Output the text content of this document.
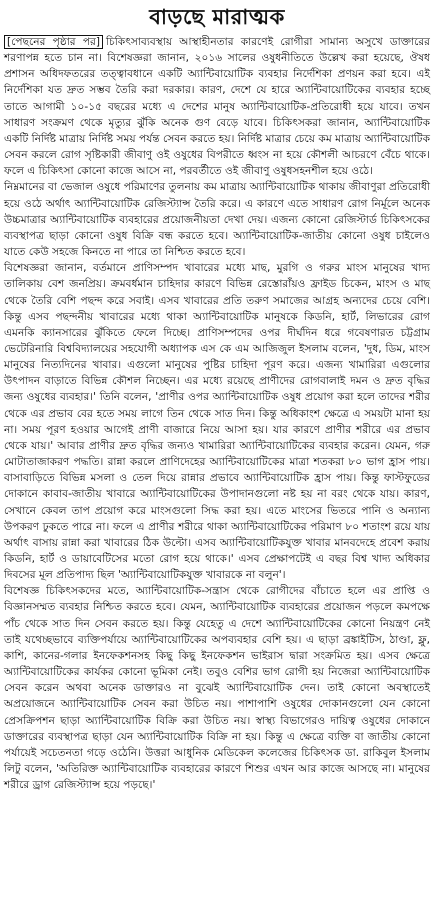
বাড়ছে মারাত্মক
[পেছনের পৃষ্ঠার পর] চিকিৎসাব্যবস্থায় আস্থাহীনতার কারণেই রোগীরা সামান্য অসুখে ডাক্তারের শরণাপন্ন হতে চান না। বিশেষজ্ঞরা জানান, ২০১৬ সালের ওষুধনীতিতে উল্লেখ করা হয়েছে, ঔষধ প্রশাসন অধিদফতরের তত্ত্বাবধানে একটি অ্যান্টিবায়োটিক ব্যবহার নির্দেশিকা প্রণয়ন করা হবে। এই নির্দেশিকা যত দ্রুত সম্ভব তৈরি করা দরকার। কারণ, দেশে যে হারে অ্যান্টিবায়োটিকের ব্যবহার হচ্ছে তাতে আগামী ১০-১৫ বছরের মধ্যে এ দেশের মানুষ অ্যান্টিবায়োটিক-প্রতিরোধী হয়ে যাবে। তখন সাধারণ সংক্রমণ থেকে মৃত্যুর ঝুঁকি অনেক গুণ বেড়ে যাবে। চিকিৎসকরা জানান, অ্যান্টিবায়োটিক একটি নির্দিষ্ট মাত্রায় নির্দিষ্ট সময় পর্যন্ত সেবন করতে হয়। নির্দিষ্ট মাত্রার চেয়ে কম মাত্রায় অ্যান্টিবায়োটিক সেবন করলে রোগ সৃষ্টিকারী জীবাণু ওই ওষুধের বিপরীতে ধ্বংস না হয়ে কৌশলী আচরণে বেঁচে থাকে। ফলে এ চিকিৎসা কোনো কাজে আসে না, পরবর্তীতে ওই জীবাণু ওষুধসহনশীল হয়ে ওঠে।
নিম্নমানের বা ভেজাল ওষুধে পরিমাণের তুলনায় কম মাত্রায় অ্যান্টিবায়োটিক থাকায় জীবাণুরা প্রতিরোধী হয়ে ওঠে অর্থাৎ অ্যান্টিবায়োটিক রেজিস্ট্যান্স তৈরি করে। এ কারণে এতে সাধারণ রোগ নির্মূলে অনেক উচ্চমাত্রার অ্যান্টিবায়োটিক ব্যবহারের প্রয়োজনীয়তা দেখা দেয়। এজন্য কোনো রেজিস্টার্ড চিকিৎসকের ব্যবস্থাপত্র ছাড়া কোনো ওষুধ বিক্রি বন্ধ করতে হবে। অ্যান্টিবায়োটিক-জাতীয় কোনো ওষুধ চাইলেও যাতে কেউ সহজে কিনতে না পারে তা নিশ্চিত করতে হবে।
বিশেষজ্ঞরা জানান, বর্তমানে প্রাণিসম্পদ খাবারের মধ্যে মাছ, মুরগি ও গরুর মাংস মানুষের খাদ্য তালিকায় বেশ জনপ্রিয়। ক্রমবর্ধমান চাহিদার কারণে বিভিন্ন রেস্তোরাঁয়ও ফ্রাইড চিকেন, মাংস ও মাছ থেকে তৈরি বেশি পছন্দ করে সবাই। এসব খাবারের প্রতি তরুণ সমাজের আগ্রহ অন্যদের চেয়ে বেশি। কিন্তু এসব পছন্দনীয় খাবারের মধ্যে থাকা অ্যান্টিবায়োটিক মানুষকে কিডনি, হার্ট, লিভারের রোগ এমনকি ক্যানসারের ঝুঁকিতে ফেলে দিচ্ছে। প্রাণিসম্পদের ওপর দীর্ঘদিন ধরে গবেষণারত চট্টগ্রাম ভেটেরিনারি বিশ্ববিদ্যালয়ের সহযোগী অধ্যাপক এস কে এম আজিজুল ইসলাম বলেন, 'দুধ, ডিম, মাংস মানুষের নিত্যদিনের খাবার। এগুলো মানুষের পুষ্টির চাহিদা পূরণ করে। এজন্য খামারিরা এগুলোর উৎপাদন বাড়াতে বিভিন্ন কৌশল নিচ্ছেন। এর মধ্যে রয়েছে প্রাণীদের রোগবালাই দমন ও দ্রুত বৃদ্ধির জন্য ওষুধের ব্যবহার।' তিনি বলেন, 'প্রাণীর ওপর অ্যান্টিবায়োটিক ওষুধ প্রয়োগ করা হলে তাদের শরীর থেকে এর প্রভাব বের হতে সময় লাগে তিন থেকে সাত দিন। কিন্তু অধিকাংশ ক্ষেত্রে এ সময়টা মানা হয় না। সময় পূরণ হওয়ার আগেই প্রাণী বাজারে নিয়ে আসা হয়। যার কারণে প্রাণীর শরীরে এর প্রভাব থেকে যায়।' আবার প্রাণীর দ্রুত বৃদ্ধির জন্যও খামারিরা অ্যান্টিবায়োটিকের ব্যবহার করেন। যেমন, গরু মোটাতাজাকরণ পদ্ধতি। রান্না করলে প্রাণিদেহের অ্যান্টিবায়োটিকের মাত্রা শতকরা ৮০ ভাগ হ্রাস পায়। বাসাবাড়িতে বিভিন্ন মসলা ও তেল দিয়ে রান্নার প্রভাবে অ্যান্টিবায়োটিক হ্রাস পায়। কিন্তু ফাস্টফুডের দোকানে কাবাব-জাতীয় খাবারে অ্যান্টিবায়োটিকের উপাদানগুলো নষ্ট হয় না বরং থেকে যায়। কারণ, সেখানে কেবল তাপ প্রয়োগ করে মাংসগুলো সিদ্ধ করা হয়। এতে মাংসের ভিতরে পানি ও অন্যান্য উপকরণ ঢুকতে পারে না। ফলে এ প্রাণীর শরীরে থাকা অ্যান্টিবায়োটিকের পরিমাণ ৮০ শতাংশ রয়ে যায় অর্থাৎ বাসায় রান্না করা খাবারের ঠিক উল্টো। এসব অ্যান্টিবায়োটিকযুক্ত খাবার মানবদেহে প্রবেশ করায় কিডনি, হার্ট ও ডায়াবেটিসের মতো রোগ হয়ে থাকে।' এসব প্রেক্ষাপটেই এ বছর বিশ্ব খাদ্য অধিকার দিবসের মূল প্রতিপাদ্য ছিল 'অ্যান্টিবায়োটিকযুক্ত খাবারকে না বলুন'।
বিশেষজ্ঞ চিকিৎসকদের মতে, অ্যান্টিবায়োটিক-সন্ত্রাস থেকে রোগীদের বাঁচাতে হলে এর প্রাপ্তি ও বিজ্ঞানসম্মত ব্যবহার নিশ্চিত করতে হবে। যেমন, অ্যান্টিবায়োটিক ব্যবহারের প্রয়োজন পড়লে কমপক্ষে পাঁচ থেকে সাত দিন সেবন করতে হয়। কিন্তু যেহেতু এ দেশে অ্যান্টিবায়োটিকের কোনো নিয়ন্ত্রণ নেই তাই যথেচ্ছভাবে ব্যক্তিপর্যায়ে অ্যান্টিবায়োটিকের অপব্যবহার বেশি হয়। এ ছাড়া ব্রঙ্কাইটিস, ঠাণ্ডা, ফ্লু, কাশি, কানের-গলার ইনফেকশনসহ কিছু কিছু ইনফেকশন ভাইরাস দ্বারা সংক্রমিত হয়। এসব ক্ষেত্রে অ্যান্টিবায়োটিকের কার্যকর কোনো ভূমিকা নেই। তবুও বেশির ভাগ রোগী হয় নিজেরা অ্যান্টিবায়োটিক সেবন করেন অথবা অনেক ডাক্তারও না বুঝেই অ্যান্টিবায়োটিক দেন। তাই কোনো অবস্থাতেই অপ্রয়োজনে অ্যান্টিবায়োটিক সেবন করা উচিত নয়। পাশাপাশি ওষুধের দোকানগুলো যেন কোনো প্রেসক্রিপশন ছাড়া অ্যান্টিবায়োটিক বিক্রি করা উচিত নয়। স্বাস্থ্য বিভাগেরও দায়িত্ব ওষুধের দোকানে ডাক্তারের ব্যবস্থাপত্র ছাড়া যেন অ্যান্টিবায়োটিক বিক্রি না হয়। কিন্তু এ ক্ষেত্রে ব্যক্তি বা জাতীয় কোনো পর্যায়েই সচেতনতা গড়ে ওঠেনি। উত্তরা আধুনিক মেডিকেল কলেজের চিকিৎসক ডা. রাকিবুল ইসলাম লিটু বলেন, 'অতিরিক্ত অ্যান্টিবায়োটিক ব্যবহারের কারণে শিশুর এখন আর কাজে আসছে না। মানুষের শরীরে ড্রাগ রেজিস্ট্যান্স হয়ে পড়ছে।'
